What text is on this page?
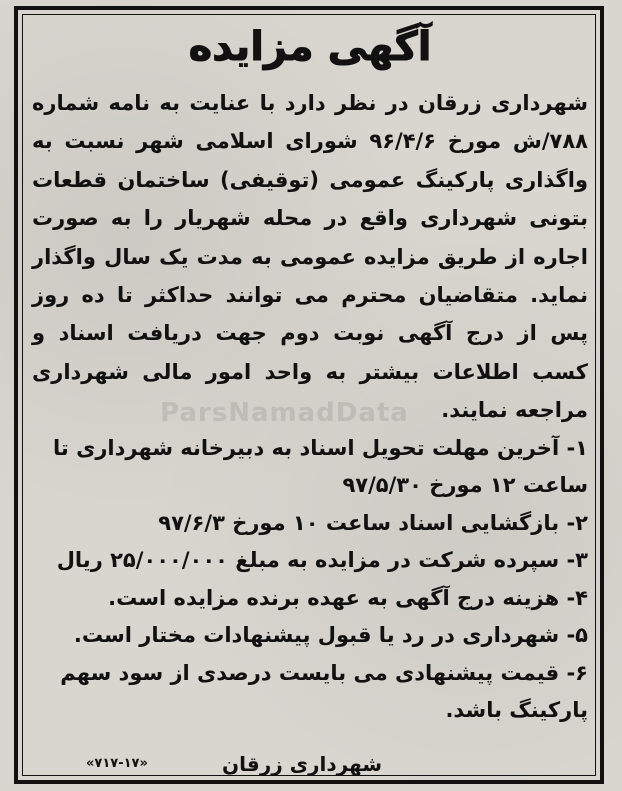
ParsNamadData
آگهی مزایده

شهرداری زرقان در نظر دارد با عنایت به نامه شماره ۷۸۸/ش مورخ ۹۶/۴/۶ شورای اسلامی شهر نسبت به واگذاری پارکینگ عمومی (توقیفی) ساختمان قطعات بتونی شهرداری واقع در محله شهریار را به صورت اجاره از طریق مزایده عمومی به مدت یک سال واگذار نماید. متقاضیان محترم می توانند حداکثر تا ده روز پس از درج آگهی نوبت دوم جهت دریافت اسناد و کسب اطلاعات بیشتر به واحد امور مالی شهرداری مراجعه نمایند.

۱- آخرین مهلت تحویل اسناد به دبیرخانه شهرداری تا ساعت ۱۲ مورخ ۹۷/۵/۳۰
۲- بازگشایی اسناد ساعت ۱۰ مورخ ۹۷/۶/۳
۳- سپرده شرکت در مزایده به مبلغ ۲۵/۰۰۰/۰۰۰ ریال
۴- هزینه درج آگهی به عهده برنده مزایده است.
۵- شهرداری در رد یا قبول پیشنهادات مختار است.
۶- قیمت پیشنهادی می بایست درصدی از سود سهم پارکینگ باشد.
شهرداری زرقان
«۷۱۷-۱۷»
